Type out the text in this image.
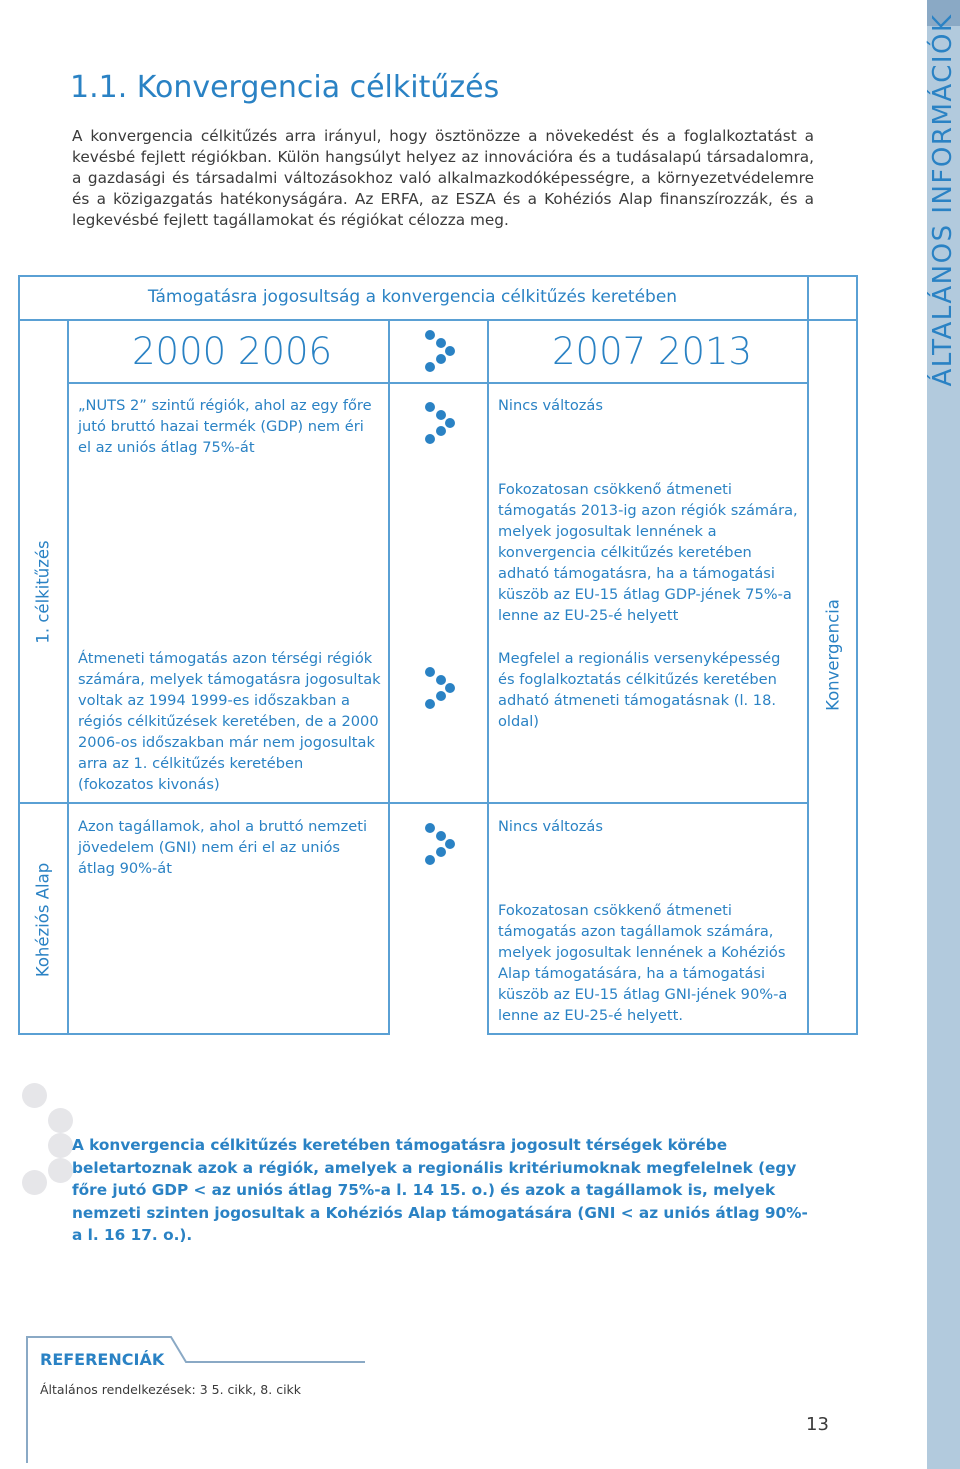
ÁLTALÁNOS INFORMÁCIÓK
1.1. Konvergencia célkitűzés

A konvergencia célkitűzés arra irányul, hogy ösztönözze a növekedést és a foglalkoztatást a kevésbé fejlett régiókban. Külön hangsúlyt helyez az innovációra és a tudásalapú társadalomra, a gazdasági és társadalmi változásokhoz való alkalmazkodóképességre, a környezetvédelemre és a közigazgatás hatékonyságára. Az ERFA, az ESZA és a Kohéziós Alap finanszírozzák, és a legkevésbé fejlett tagállamokat és régiókat célozza meg.

Támogatásra jogosultság a konvergencia célkitűzés keretében
2000 2006	2007 2013
1. célkitűzés
Kohéziós Alap
Konvergencia
„NUTS 2” szintű régiók, ahol az egy főre jutó bruttó hazai termék (GDP) nem éri el az uniós átlag 75%-át
Nincs változás
Fokozatosan csökkenő átmeneti támogatás 2013-ig azon régiók számára, melyek jogosultak lennének a konvergencia célkitűzés keretében adható támogatásra, ha a támogatási küszöb az EU-15 átlag GDP-jének 75%-a lenne az EU-25-é helyett
Átmeneti támogatás azon térségi régiók számára, melyek támogatásra jogosultak voltak az 1994 1999-es időszakban a régiós célkitűzések keretében, de a 2000 2006-os időszakban már nem jogosultak arra az 1. célkitűzés keretében (fokozatos kivonás)
Megfelel a regionális versenyképesség és foglalkoztatás célkitűzés keretében adható átmeneti támogatásnak (l. 18. oldal)
Azon tagállamok, ahol a bruttó nemzeti jövedelem (GNI) nem éri el az uniós átlag 90%-át
Nincs változás
Fokozatosan csökkenő átmeneti támogatás azon tagállamok számára, melyek jogosultak lennének a Kohéziós Alap támogatására, ha a támogatási küszöb az EU-15 átlag GNI-jének 90%-a lenne az EU-25-é helyett.

A konvergencia célkitűzés keretében támogatásra jogosult térségek körébe beletartoznak azok a régiók, amelyek a regionális kritériumoknak megfelelnek (egy főre jutó GDP < az uniós átlag 75%-a l. 14 15. o.) és azok a tagállamok is, melyek nemzeti szinten jogosultak a Kohéziós Alap támogatására (GNI < az uniós átlag 90%-a l. 16 17. o.).

REFERENCIÁK
Általános rendelkezések: 3 5. cikk, 8. cikk
13
